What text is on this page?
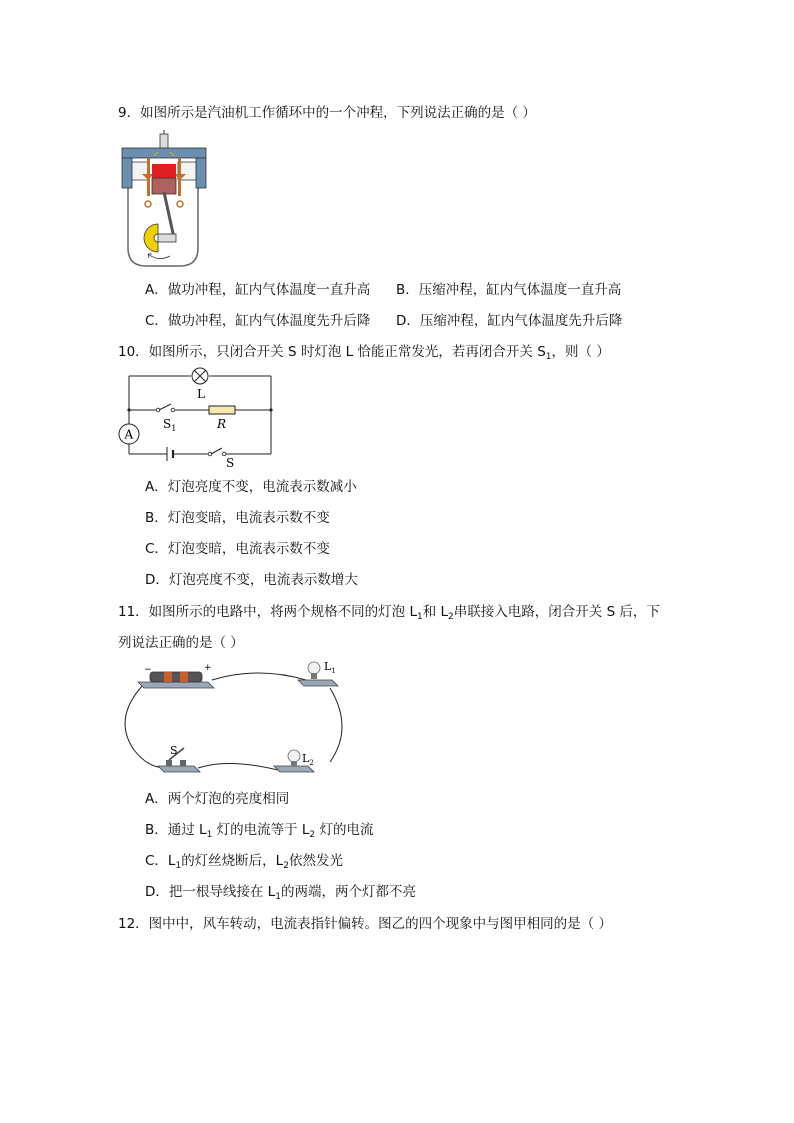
9．如图所示是汽油机工作循环中的一个冲程，下列说法正确的是（ ）
A．做功冲程，缸内气体温度一直升高 B．压缩冲程，缸内气体温度一直升高
C．做功冲程，缸内气体温度先升后降 D．压缩冲程，缸内气体温度先升后降
10．如图所示，只闭合开关 S 时灯泡 L 恰能正常发光，若再闭合开关 $S_1$，则（ ）
L
$S_1$	R
A
S
A．灯泡亮度不变，电流表示数减小
B．灯泡变暗，电流表示数不变
C．灯泡变暗，电流表示数不变
D．灯泡亮度不变，电流表示数增大
11．如图所示的电路中，将两个规格不同的灯泡 $L_1$和 $L_2$串联接入电路，闭合开关 S 后，下
列说法正确的是（ ）
−	+	$L_1$
$L_2$
S
A．两个灯泡的亮度相同
B．通过 $L_1$ 灯的电流等于 $L_2$ 灯的电流
C．$L_1$的灯丝烧断后，$L_2$依然发光
D．把一根导线接在 $L_1$的两端，两个灯都不亮
12．图中中，风车转动，电流表指针偏转。图乙的四个现象中与图甲相同的是（ ）
